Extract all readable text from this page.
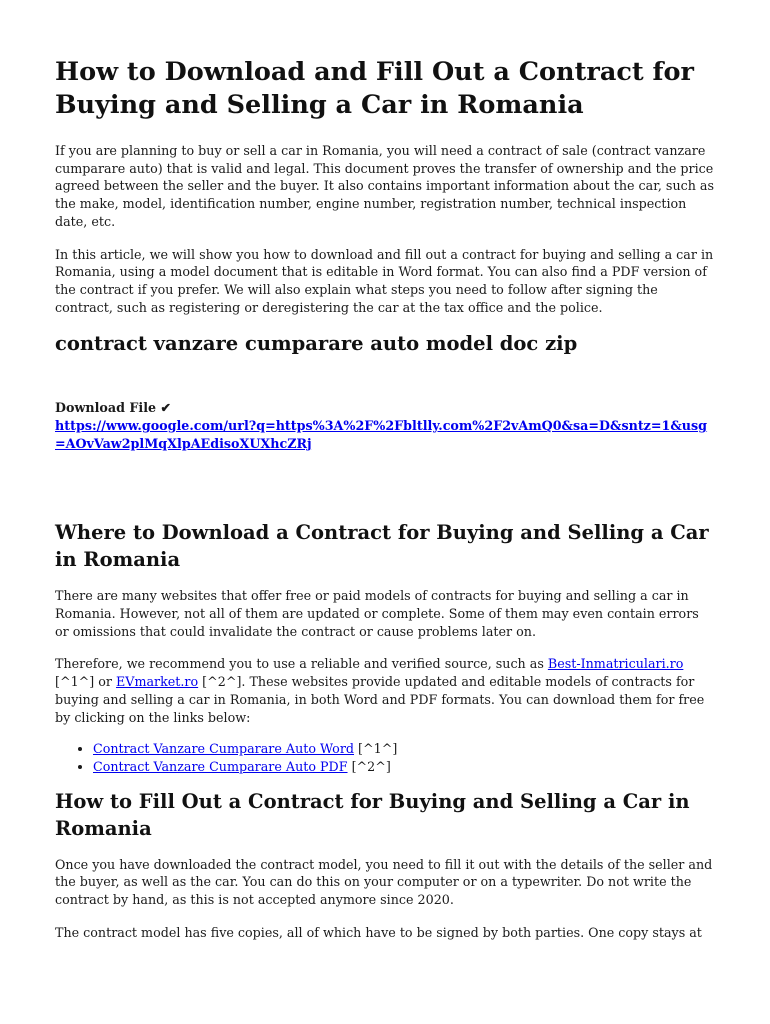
How to Download and Fill Out a Contract for Buying and Selling a Car in Romania

If you are planning to buy or sell a car in Romania, you will need a contract of sale (contract vanzare cumparare auto) that is valid and legal. This document proves the transfer of ownership and the price agreed between the seller and the buyer. It also contains important information about the car, such as the make, model, identification number, engine number, registration number, technical inspection date, etc.

In this article, we will show you how to download and fill out a contract for buying and selling a car in Romania, using a model document that is editable in Word format. You can also find a PDF version of the contract if you prefer. We will also explain what steps you need to follow after signing the contract, such as registering or deregistering the car at the tax office and the police.

contract vanzare cumparare auto model doc zip
Download File ✔
https://www.google.com/url?q=https%3A%2F%2Fbltlly.com%2F2vAmQ0&sa=D&sntz=1&usg=AOvVaw2plMqXlpAEdisoXUXhcZRj
Where to Download a Contract for Buying and Selling a Car in Romania

There are many websites that offer free or paid models of contracts for buying and selling a car in Romania. However, not all of them are updated or complete. Some of them may even contain errors or omissions that could invalidate the contract or cause problems later on.

Therefore, we recommend you to use a reliable and verified source, such as Best-Inmatriculari.ro [^1^] or EVmarket.ro [^2^]. These websites provide updated and editable models of contracts for buying and selling a car in Romania, in both Word and PDF formats. You can download them for free by clicking on the links below:

• Contract Vanzare Cumparare Auto Word [^1^]
• Contract Vanzare Cumparare Auto PDF [^2^]
How to Fill Out a Contract for Buying and Selling a Car in Romania

Once you have downloaded the contract model, you need to fill it out with the details of the seller and the buyer, as well as the car. You can do this on your computer or on a typewriter. Do not write the contract by hand, as this is not accepted anymore since 2020.

The contract model has five copies, all of which have to be signed by both parties. One copy stays at
